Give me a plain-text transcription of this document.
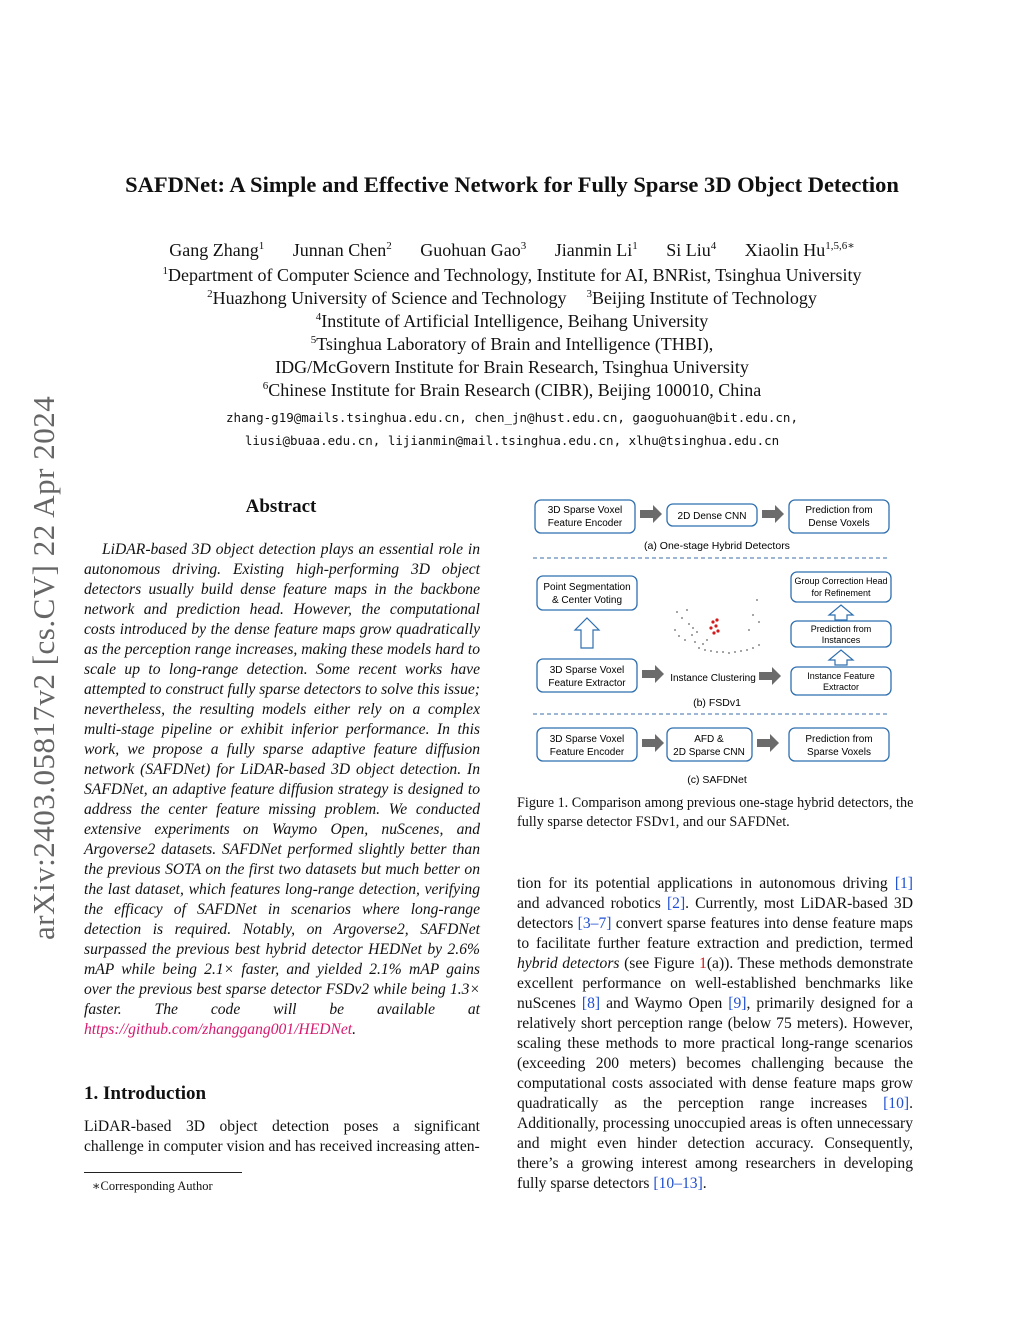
SAFDNet: A Simple and Effective Network for Fully Sparse 3D Object Detection
Gang Zhang$^1$ Junnan Chen$^2$ Guohuan Gao$^3$ Jianmin Li$^1$ Si Liu$^4$ Xiaolin $Hu^{1,5,6∗}$
$^1$Department of Computer Science and Technology, Institute for AI, BNRist, Tsinghua University
$^2$Huazhong University of Science and Technology $^3$Beijing Institute of Technology
$^4$Institute of Artificial Intelligence, Beihang University
$^5$Tsinghua Laboratory of Brain and Intelligence (THBI),
IDG/McGovern Institute for Brain Research, Tsinghua University
$^6$Chinese Institute for Brain Research (CIBR), Beijing 100010, China
zhang-g19@mails.tsinghua.edu.cn, chen_jn@hust.edu.cn, gaoguohuan@bit.edu.cn,
liusi@buaa.edu.cn, lijianmin@mail.tsinghua.edu.cn, xlhu@tsinghua.edu.cn
arXiv:2403.05817v2 [cs.CV] 22 Apr 2024	Abstract
LiDAR-based 3D object detection plays an essential role in autonomous driving. Existing high-performing 3D object detectors usually build dense feature maps in the backbone network and prediction head. However, the computational costs introduced by the dense feature maps grow quadratically as the perception range increases, making these models hard to scale up to long-range detection. Some recent works have attempted to construct fully sparse detectors to solve this issue; nevertheless, the resulting models either rely on a complex multi-stage pipeline or exhibit inferior performance. In this work, we propose a fully sparse adaptive feature diffusion network (SAFDNet) for LiDAR-based 3D object detection. In SAFDNet, an adaptive feature diffusion strategy is designed to address the center feature missing problem. We conducted extensive experiments on Waymo Open, nuScenes, and Argoverse2 datasets. SAFDNet performed slightly better than the previous SOTA on the first two datasets but much better on the last dataset, which features long-range detection, verifying the efficacy of SAFDNet in scenarios where long-range detection is required. Notably, on Argoverse2, SAFDNet surpassed the previous best hybrid detector HEDNet by 2.6% mAP while being 2.1× faster, and yielded 2.1% mAP gains over the previous best sparse detector FSDv2 while being 1.3× faster. The code will be available at https://github.com/zhanggang001/HEDNet.
1. Introduction
LiDAR-based 3D object detection poses a significant challenge in computer vision and has received increasing atten-
∗Corresponding Author
3D Sparse Voxel
Feature Encoder
2D Dense CNN
Prediction from
Dense Voxels
(a) One-stage Hybrid Detectors
Point Segmentation
& Center Voting
3D Sparse Voxel
Feature Extractor	Instance Clustering
Group Correction Head
for Refinement
Prediction from
Instances
Instance Feature
Extractor
(b) FSDv1
3D Sparse Voxel
Feature Encoder
AFD &
2D Sparse CNN
Prediction from
Sparse Voxels
(c) SAFDNet
Figure 1. Comparison among previous one-stage hybrid detectors, the fully sparse detector FSDv1, and our SAFDNet.
tion for its potential applications in autonomous driving [1] and advanced robotics [2]. Currently, most LiDAR-based 3D detectors [3–7] convert sparse features into dense feature maps to facilitate further feature extraction and prediction, termed hybrid detectors (see Figure 1(a)). These methods demonstrate excellent performance on well-established benchmarks like nuScenes [8] and Waymo Open [9], primarily designed for a relatively short perception range (below 75 meters). However, scaling these methods to more practical long-range scenarios (exceeding 200 meters) becomes challenging because the computational costs associated with dense feature maps grow quadratically as the perception range increases [10]. Additionally, processing unoccupied areas is often unnecessary and might even hinder detection accuracy. Consequently, there’s a growing interest among researchers in developing fully sparse detectors [10–13].
